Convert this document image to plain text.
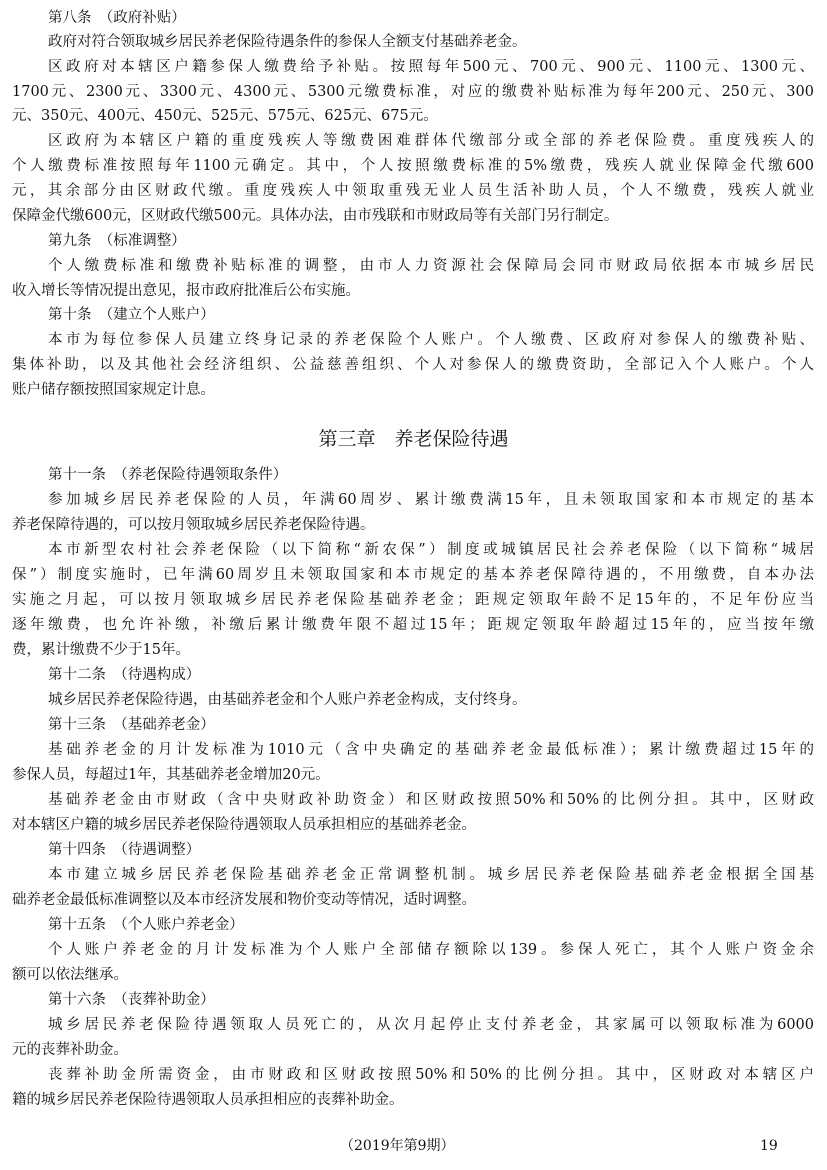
第八条　（政府补贴）
政府对符合领取城乡居民养老保险待遇条件的参保人全额支付基础养老金。
区政府对本辖区户籍参保人缴费给予补贴。按照每年500元、700元、900元、1100元、1300元、
1700元、2300元、3300元、4300元、5300元缴费标准，对应的缴费补贴标准为每年200元、250元、300
元、350元、400元、450元、525元、575元、625元、675元。
区政府为本辖区户籍的重度残疾人等缴费困难群体代缴部分或全部的养老保险费。重度残疾人的
个人缴费标准按照每年1100元确定。其中，个人按照缴费标准的5%缴费，残疾人就业保障金代缴600
元，其余部分由区财政代缴。重度残疾人中领取重残无业人员生活补助人员，个人不缴费，残疾人就业
保障金代缴600元，区财政代缴500元。具体办法，由市残联和市财政局等有关部门另行制定。
第九条　（标准调整）
个人缴费标准和缴费补贴标准的调整，由市人力资源社会保障局会同市财政局依据本市城乡居民
收入增长等情况提出意见，报市政府批准后公布实施。
第十条　（建立个人账户）
本市为每位参保人员建立终身记录的养老保险个人账户。个人缴费、区政府对参保人的缴费补贴、
集体补助，以及其他社会经济组织、公益慈善组织、个人对参保人的缴费资助，全部记入个人账户。个人
账户储存额按照国家规定计息。
第十一条　（养老保险待遇领取条件）
参加城乡居民养老保险的人员，年满60周岁、累计缴费满15年，且未领取国家和本市规定的基本
养老保障待遇的，可以按月领取城乡居民养老保险待遇。
本市新型农村社会养老保险（以下简称“新农保”）制度或城镇居民社会养老保险（以下简称“城居
保”）制度实施时，已年满60周岁且未领取国家和本市规定的基本养老保障待遇的，不用缴费，自本办法
实施之月起，可以按月领取城乡居民养老保险基础养老金；距规定领取年龄不足15年的，不足年份应当
逐年缴费，也允许补缴，补缴后累计缴费年限不超过15年；距规定领取年龄超过15年的，应当按年缴
费，累计缴费不少于15年。
第十二条　（待遇构成）
城乡居民养老保险待遇，由基础养老金和个人账户养老金构成，支付终身。
第十三条　（基础养老金）
基础养老金的月计发标准为1010元（含中央确定的基础养老金最低标准）；累计缴费超过15年的
参保人员，每超过1年，其基础养老金增加20元。
基础养老金由市财政（含中央财政补助资金）和区财政按照50%和50%的比例分担。其中，区财政
对本辖区户籍的城乡居民养老保险待遇领取人员承担相应的基础养老金。
第十四条　（待遇调整）
本市建立城乡居民养老保险基础养老金正常调整机制。城乡居民养老保险基础养老金根据全国基
础养老金最低标准调整以及本市经济发展和物价变动等情况，适时调整。
第十五条　（个人账户养老金）
个人账户养老金的月计发标准为个人账户全部储存额除以139。参保人死亡，其个人账户资金余
额可以依法继承。
第十六条　（丧葬补助金）
城乡居民养老保险待遇领取人员死亡的，从次月起停止支付养老金，其家属可以领取标准为6000
元的丧葬补助金。
丧葬补助金所需资金，由市财政和区财政按照50%和50%的比例分担。其中，区财政对本辖区户
籍的城乡居民养老保险待遇领取人员承担相应的丧葬补助金。
第三章　养老保险待遇
（2019年第9期）	19
